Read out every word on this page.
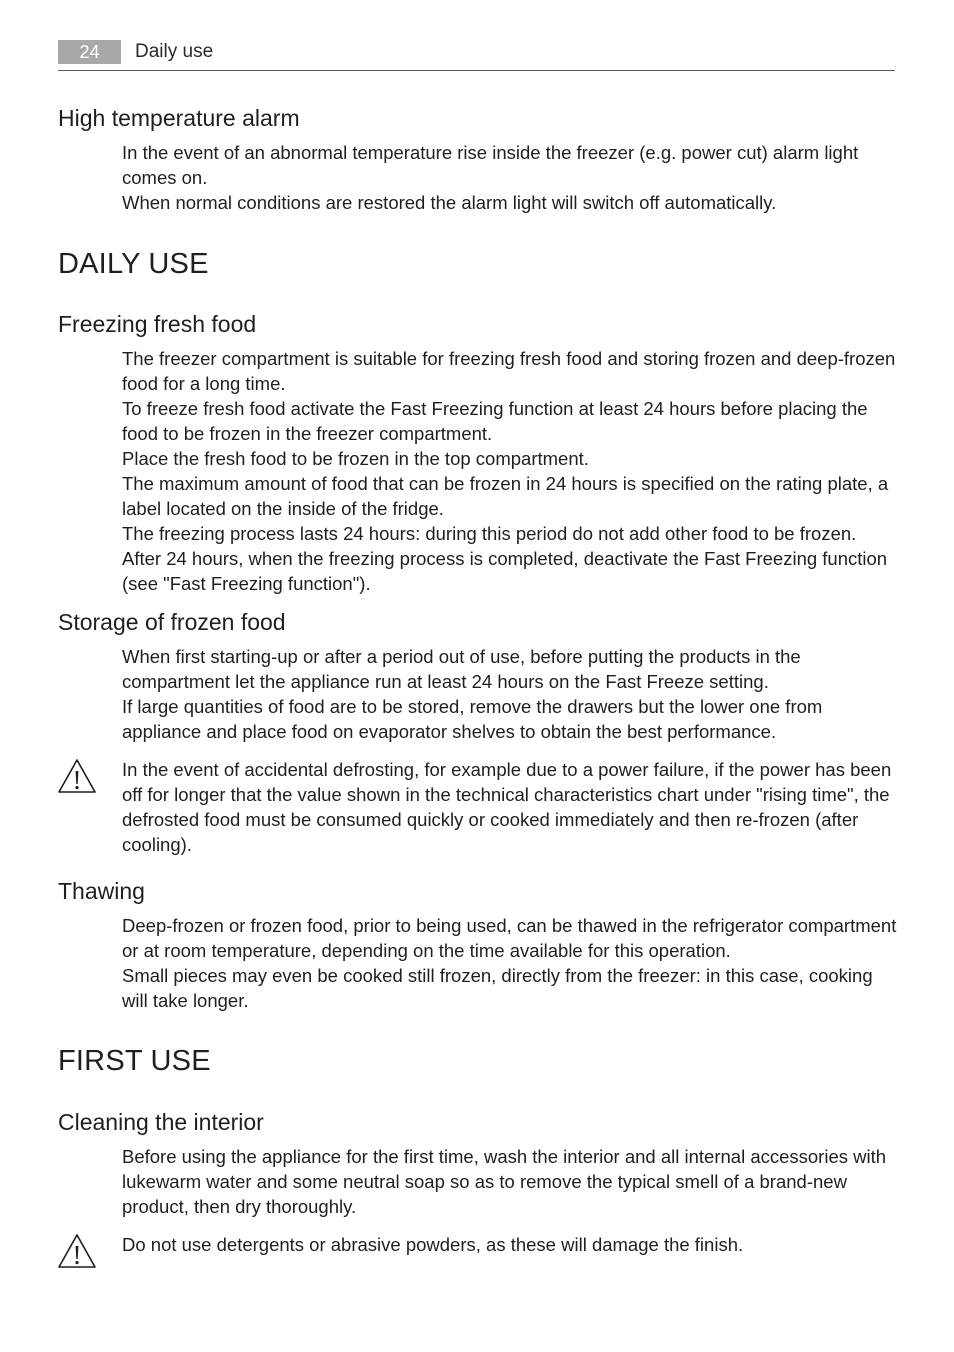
24	Daily use
High temperature alarm

In the event of an abnormal temperature rise inside the freezer (e.g. power cut) alarm light comes on.

When normal conditions are restored the alarm light will switch off automatically.

DAILY USE
Freezing fresh food

The freezer compartment is suitable for freezing fresh food and storing frozen and deep-frozen food for a long time.

To freeze fresh food activate the Fast Freezing function at least 24 hours before placing the food to be frozen in the freezer compartment.

Place the fresh food to be frozen in the top compartment.

The maximum amount of food that can be frozen in 24 hours is specified on the rating plate, a label located on the inside of the fridge.

The freezing process lasts 24 hours: during this period do not add other food to be frozen.

After 24 hours, when the freezing process is completed, deactivate the Fast Freezing function (see "Fast Freezing function").

Storage of frozen food

When first starting-up or after a period out of use, before putting the products in the compartment let the appliance run at least 24 hours on the Fast Freeze setting.

If large quantities of food are to be stored, remove the drawers but the lower one from appliance and place food on evaporator shelves to obtain the best performance.

In the event of accidental defrosting, for example due to a power failure, if the power has been off for longer that the value shown in the technical characteristics chart under "rising time", the defrosted food must be consumed quickly or cooked immediately and then re-frozen (after cooling).

Thawing

Deep-frozen or frozen food, prior to being used, can be thawed in the refrigerator compartment or at room temperature, depending on the time available for this operation.

Small pieces may even be cooked still frozen, directly from the freezer: in this case, cooking will take longer.

FIRST USE
Cleaning the interior

Before using the appliance for the first time, wash the interior and all internal accessories with lukewarm water and some neutral soap so as to remove the typical smell of a brand-new product, then dry thoroughly.

Do not use detergents or abrasive powders, as these will damage the finish.
